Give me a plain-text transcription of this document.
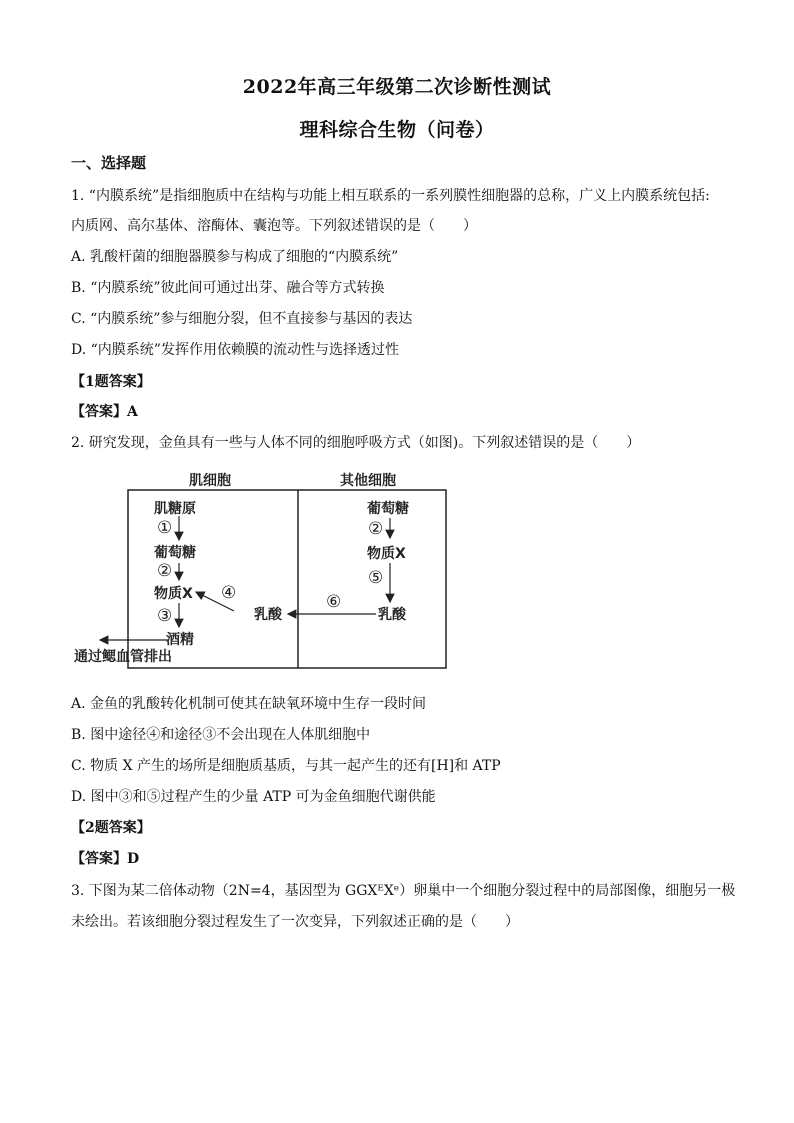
2022年高三年级第二次诊断性测试
理科综合生物（问卷）
一、选择题
1. “内膜系统”是指细胞质中在结构与功能上相互联系的一系列膜性细胞器的总称，广义上内膜系统包括:
内质网、高尔基体、溶酶体、囊泡等。下列叙述错误的是（　　）
A. 乳酸杆菌的细胞器膜参与构成了细胞的“内膜系统”
B. “内膜系统”彼此间可通过出芽、融合等方式转换
C. “内膜系统”参与细胞分裂，但不直接参与基因的表达
D. “内膜系统”发挥作用依赖膜的流动性与选择透过性
【1题答案】
【答案】A
2. 研究发现，金鱼具有一些与人体不同的细胞呼吸方式（如图)。下列叙述错误的是（　　）
肌细胞	其他细胞
肌糖原
①
葡萄糖
②
物质X
③
酒精
通过鳃血管排出
④
乳酸
葡萄糖
②
物质X
⑤
⑥
乳酸
A. 金鱼的乳酸转化机制可使其在缺氧环境中生存一段时间
B. 图中途径④和途径③不会出现在人体肌细胞中
C. 物质 X 产生的场所是细胞质基质，与其一起产生的还有[H]和 ATP
D. 图中③和⑤过程产生的少量 ATP 可为金鱼细胞代谢供能
【2题答案】
【答案】D
3. 下图为某二倍体动物（2N=4，基因型为 GGXᴱXᵉ）卵巢中一个细胞分裂过程中的局部图像，细胞另一极
未绘出。若该细胞分裂过程发生了一次变异，下列叙述正确的是（　　）
